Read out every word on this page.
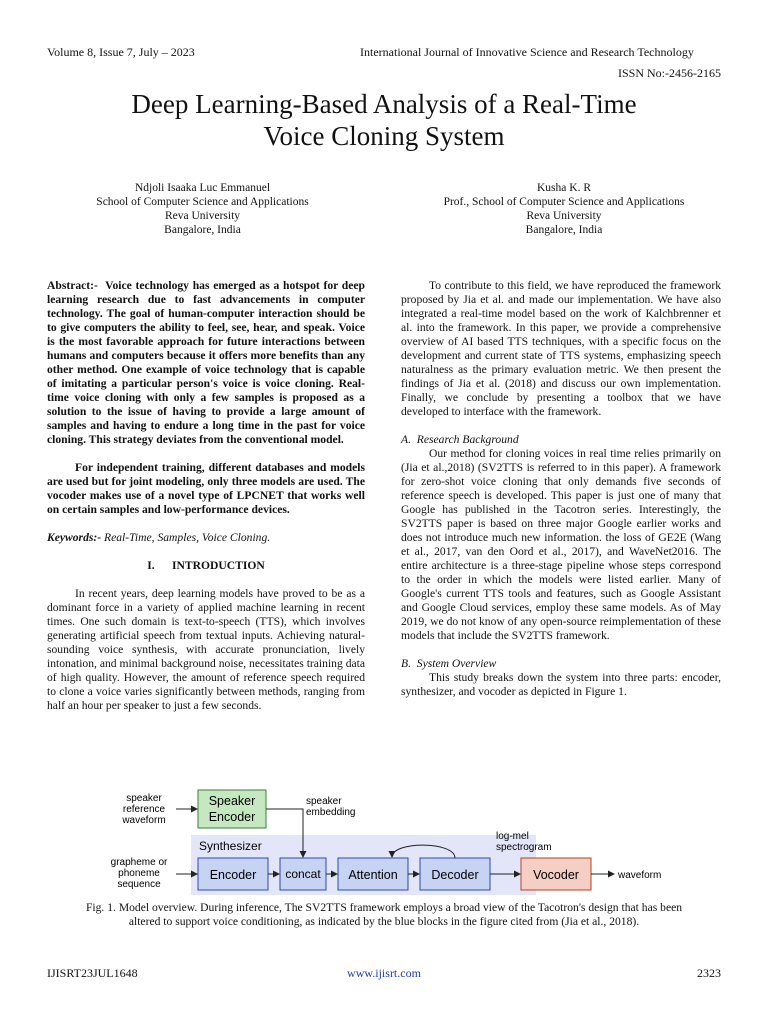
Volume 8, Issue 7, July – 2023	International Journal of Innovative Science and Research Technology
ISSN No:-2456-2165
Deep Learning-Based Analysis of a Real-Time
Voice Cloning System
Ndjoli Isaaka Luc Emmanuel
School of Computer Science and Applications
Reva University
Bangalore, India
Kusha K. R
Prof., School of Computer Science and Applications
Reva University
Bangalore, India

Abstract:- Voice technology has emerged as a hotspot for deep learning research due to fast advancements in computer technology. The goal of human-computer interaction should be to give computers the ability to feel, see, hear, and speak. Voice is the most favorable approach for future interactions between humans and computers because it offers more benefits than any other method. One example of voice technology that is capable of imitating a particular person's voice is voice cloning. Real-time voice cloning with only a few samples is proposed as a solution to the issue of having to provide a large amount of samples and having to endure a long time in the past for voice cloning. This strategy deviates from the conventional model.

For independent training, different databases and models are used but for joint modeling, only three models are used. The vocoder makes use of a novel type of LPCNET that works well on certain samples and low-performance devices.

Keywords:- Real-Time, Samples, Voice Cloning.

I.      INTRODUCTION

In recent years, deep learning models have proved to be as a dominant force in a variety of applied machine learning in recent times. One such domain is text-to-speech (TTS), which involves generating artificial speech from textual inputs. Achieving natural-sounding voice synthesis, with accurate pronunciation, lively intonation, and minimal background noise, necessitates training data of high quality. However, the amount of reference speech required to clone a voice varies significantly between methods, ranging from half an hour per speaker to just a few seconds.

To contribute to this field, we have reproduced the framework proposed by Jia et al. and made our implementation. We have also integrated a real-time model based on the work of Kalchbrenner et al. into the framework. In this paper, we provide a comprehensive overview of AI based TTS techniques, with a specific focus on the development and current state of TTS systems, emphasizing speech naturalness as the primary evaluation metric. We then present the findings of Jia et al. (2018) and discuss our own implementation. Finally, we conclude by presenting a toolbox that we have developed to interface with the framework.

A.  Research Background

Our method for cloning voices in real time relies primarily on (Jia et al.,2018) (SV2TTS is referred to in this paper). A framework for zero-shot voice cloning that only demands five seconds of reference speech is developed. This paper is just one of many that Google has published in the Tacotron series. Interestingly, the SV2TTS paper is based on three major Google earlier works and does not introduce much new information. the loss of GE2E (Wang et al., 2017, van den Oord et al., 2017), and WaveNet2016. The entire architecture is a three-stage pipeline whose steps correspond to the order in which the models were listed earlier. Many of Google's current TTS tools and features, such as Google Assistant and Google Cloud services, employ these same models. As of May 2019, we do not know of any open-source reimplementation of these models that include the SV2TTS framework.

B.  System Overview

This study breaks down the system into three parts: encoder, synthesizer, and vocoder as depicted in Figure 1.

Synthesizer
speaker
reference
waveform
grapheme or
phoneme
sequence
Speaker
Encoder
speaker
embedding
Encoder concat Attention	Decoder
log-mel
spectrogram
Vocoder	waveform
Fig. 1. Model overview. During inference, The SV2TTS framework employs a broad view of the Tacotron's design that has been
altered to support voice conditioning, as indicated by the blue blocks in the figure cited from (Jia et al., 2018).
IJISRT23JUL1648	www.ijisrt.com	2323
